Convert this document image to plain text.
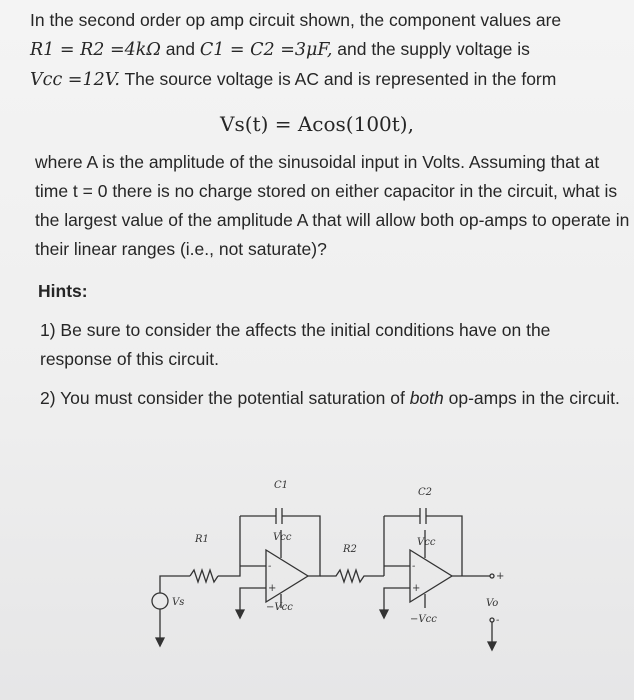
In the second order op amp circuit shown, the component values are
R1 = R2 =4kΩ and C1 = C2 =3μF, and the supply voltage is
Vcc =12V. The source voltage is AC and is represented in the form
Vs(t) = Acos(100t),
where A is the amplitude of the sinusoidal input in Volts. Assuming that at time t = 0 there is no charge stored on either capacitor in the circuit, what is the largest value of the amplitude A that will allow both op-amps to operate in their linear ranges (i.e., not saturate)?
Hints:
1) Be sure to consider the affects the initial conditions have on the response of this circuit.
2) You must consider the potential saturation of both op-amps in the circuit.
C1
C2
R1
R2
Vs
Vcc	Vcc
−Vcc
−Vcc
Vo
+
-
-
+
-
+
